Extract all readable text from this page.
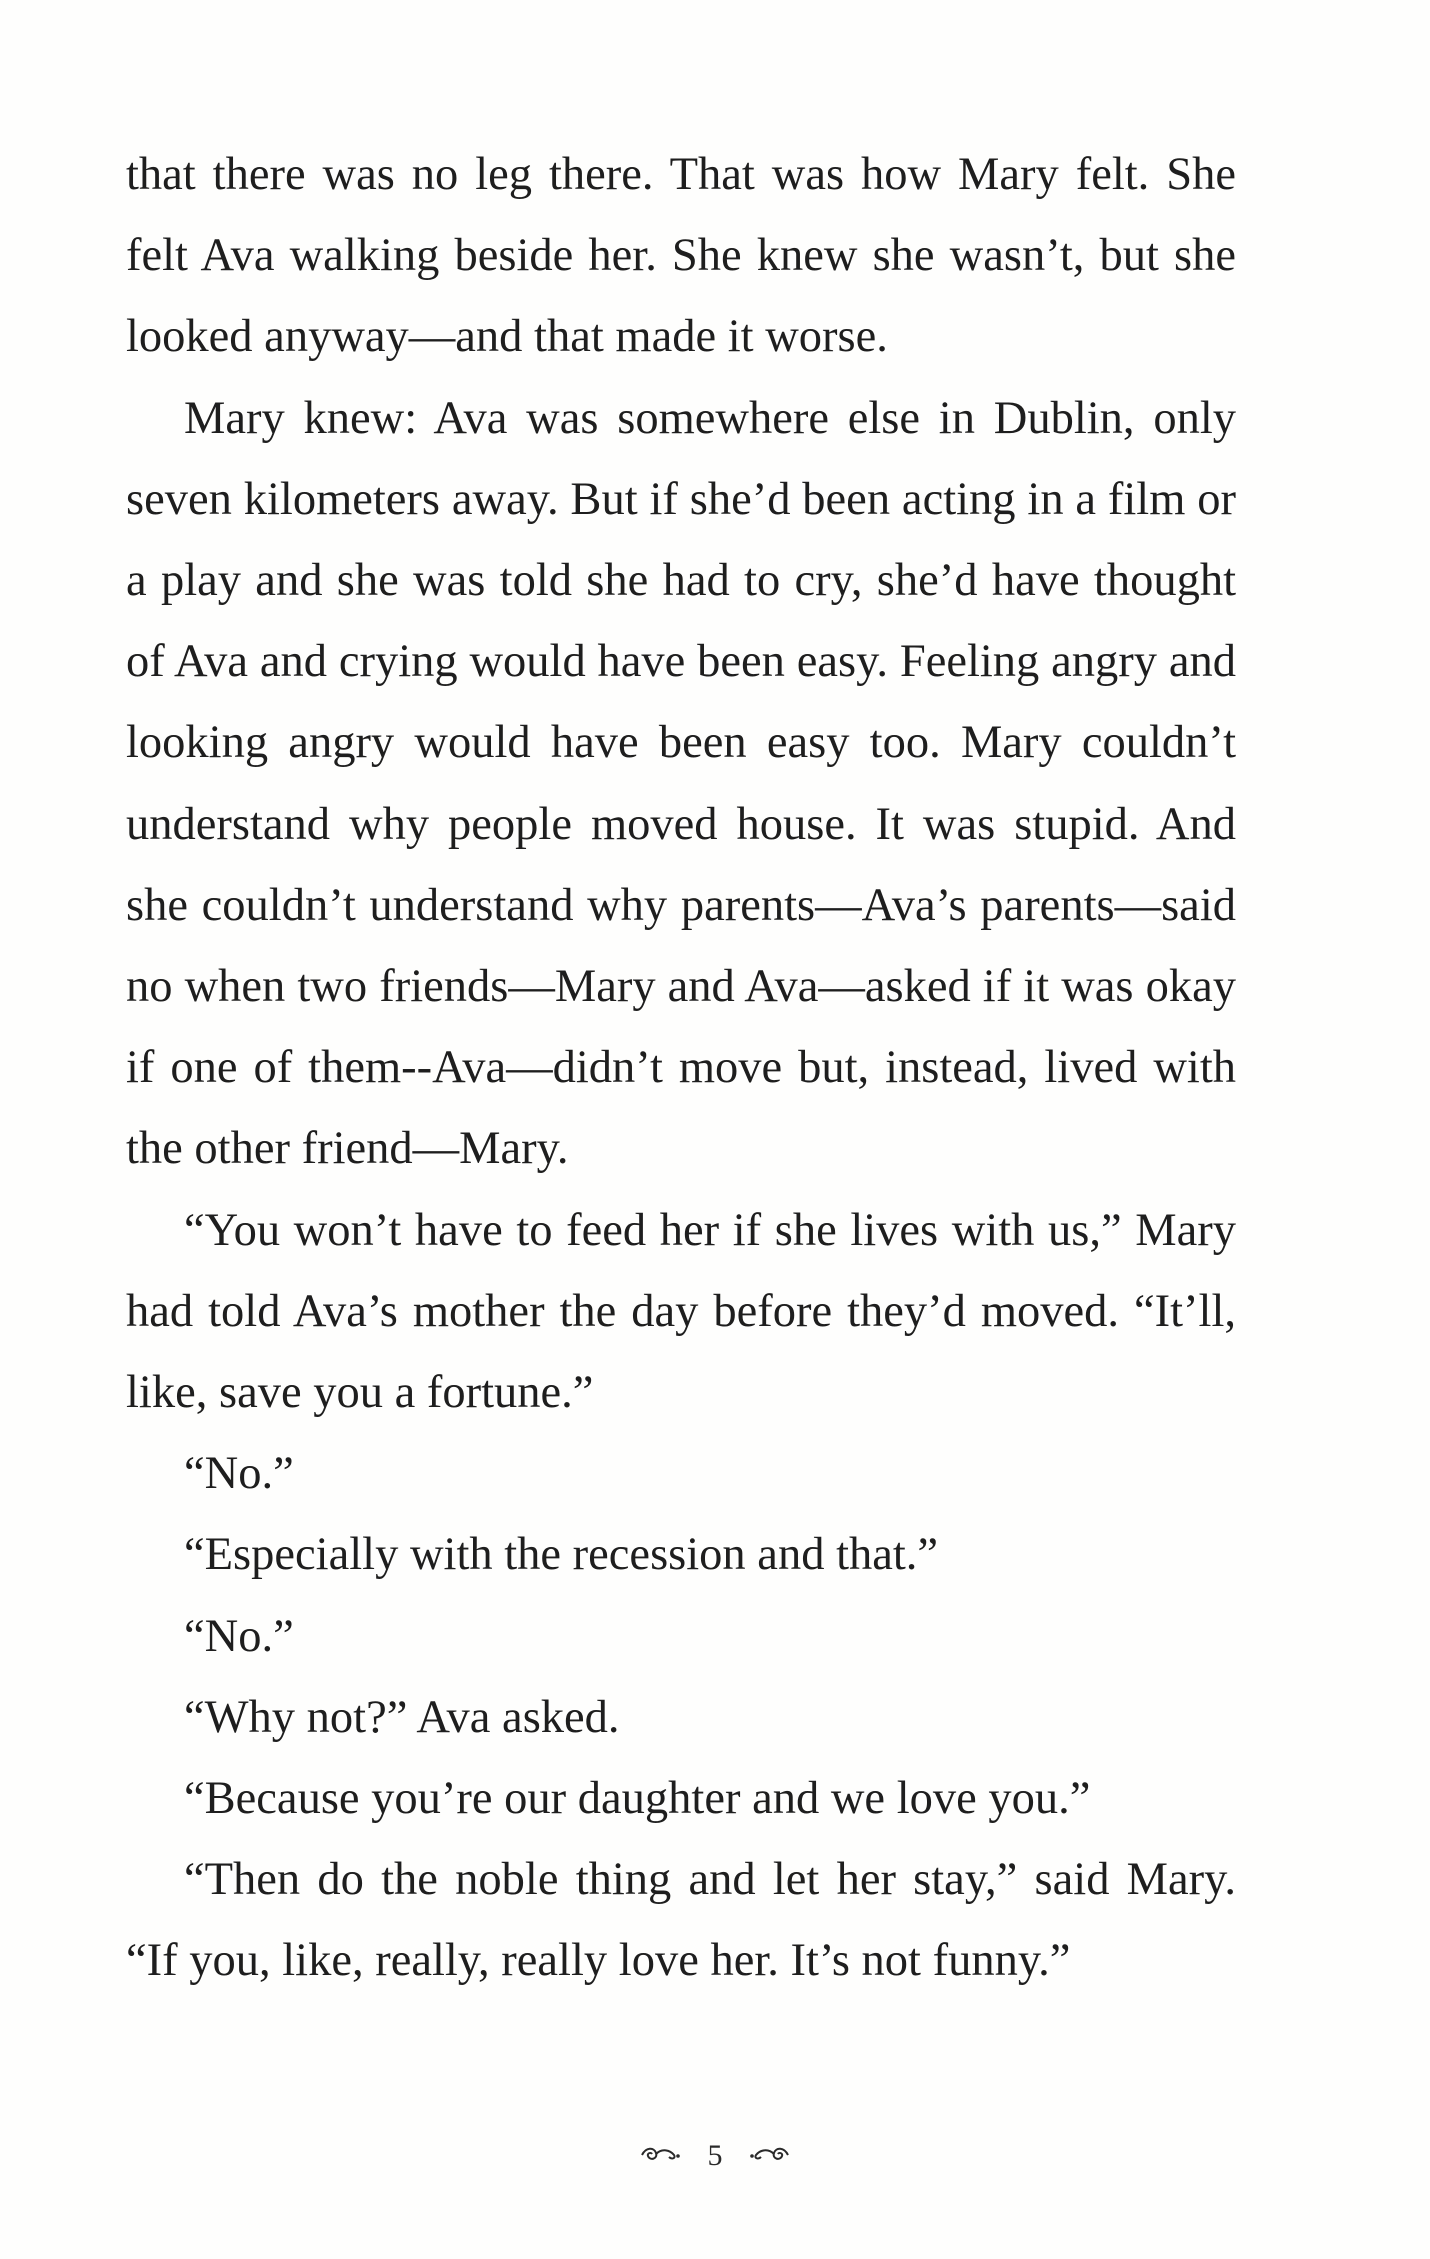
that there was no leg there. That was how Mary felt. She felt Ava walking beside her. She knew she wasn’t, but she looked anyway—and that made it worse.

Mary knew: Ava was somewhere else in Dublin, only seven kilometers away. But if she’d been acting in a film or a play and she was told she had to cry, she’d have thought of Ava and crying would have been easy. Feeling angry and looking angry would have been easy too. Mary couldn’t understand why people moved house. It was stupid. And she couldn’t understand why parents—Ava’s parents—said no when two friends—Mary and Ava—asked if it was okay if one of them--Ava—didn’t move but, instead, lived with the other friend—Mary.

“You won’t have to feed her if she lives with us,” Mary had told Ava’s mother the day before they’d moved. “It’ll, like, save you a fortune.”

“No.”

“Especially with the recession and that.”

“No.”

“Why not?” Ava asked.

“Because you’re our daughter and we love you.”

“Then do the noble thing and let her stay,” said Mary. “If you, like, really, really love her. It’s not funny.”

5
